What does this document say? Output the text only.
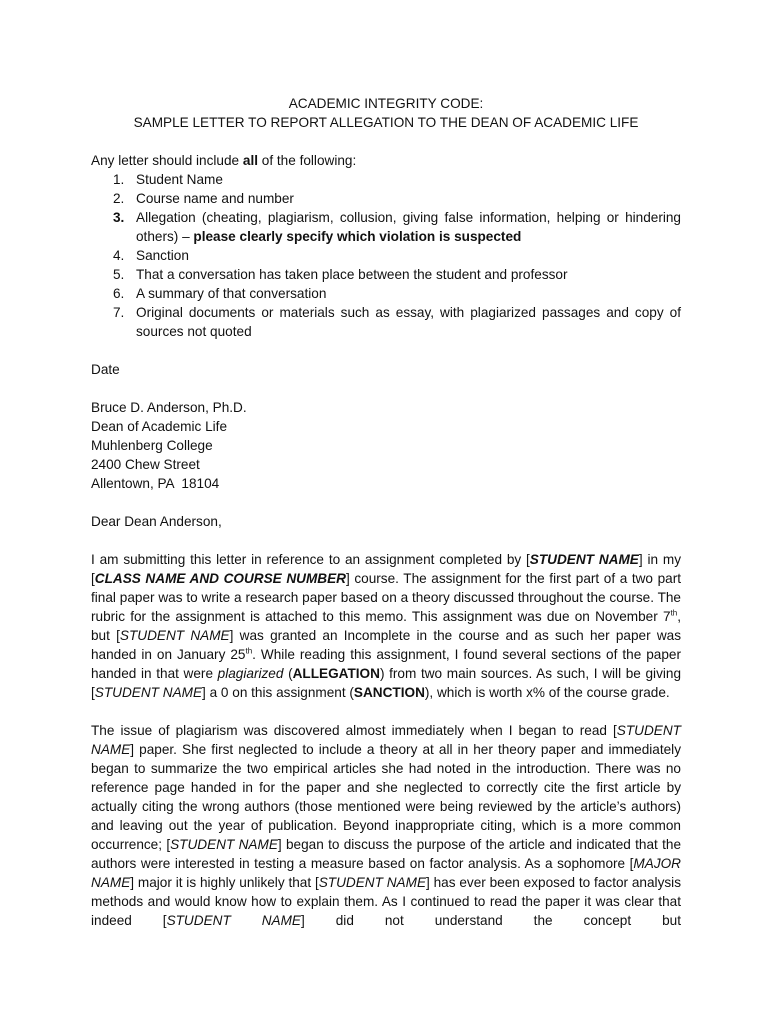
ACADEMIC INTEGRITY CODE:
SAMPLE LETTER TO REPORT ALLEGATION TO THE DEAN OF ACADEMIC LIFE
Any letter should include all of the following:
1. Student Name
2. Course name and number
3. Allegation (cheating, plagiarism, collusion, giving false information, helping or hindering others) – please clearly specify which violation is suspected
4. Sanction
5. That a conversation has taken place between the student and professor
6. A summary of that conversation
7. Original documents or materials such as essay, with plagiarized passages and copy of sources not quoted
Date
Bruce D. Anderson, Ph.D.
Dean of Academic Life
Muhlenberg College
2400 Chew Street
Allentown, PA  18104
Dear Dean Anderson,
I am submitting this letter in reference to an assignment completed by [STUDENT NAME] in my [CLASS NAME AND COURSE NUMBER] course. The assignment for the first part of a two part final paper was to write a research paper based on a theory discussed throughout the course. The rubric for the assignment is attached to this memo. This assignment was due on November 7th, but [STUDENT NAME] was granted an Incomplete in the course and as such her paper was handed in on January 25th. While reading this assignment, I found several sections of the paper handed in that were plagiarized (ALLEGATION) from two main sources. As such, I will be giving [STUDENT NAME] a 0 on this assignment (SANCTION), which is worth x% of the course grade.
The issue of plagiarism was discovered almost immediately when I began to read [STUDENT NAME] paper. She first neglected to include a theory at all in her theory paper and immediately began to summarize the two empirical articles she had noted in the introduction. There was no reference page handed in for the paper and she neglected to correctly cite the first article by actually citing the wrong authors (those mentioned were being reviewed by the article’s authors) and leaving out the year of publication. Beyond inappropriate citing, which is a more common occurrence; [STUDENT NAME] began to discuss the purpose of the article and indicated that the authors were interested in testing a measure based on factor analysis. As a sophomore [MAJOR NAME] major it is highly unlikely that [STUDENT NAME] has ever been exposed to factor analysis methods and would know how to explain them. As I continued to read the paper it was clear that indeed [STUDENT NAME] did not understand the concept but
